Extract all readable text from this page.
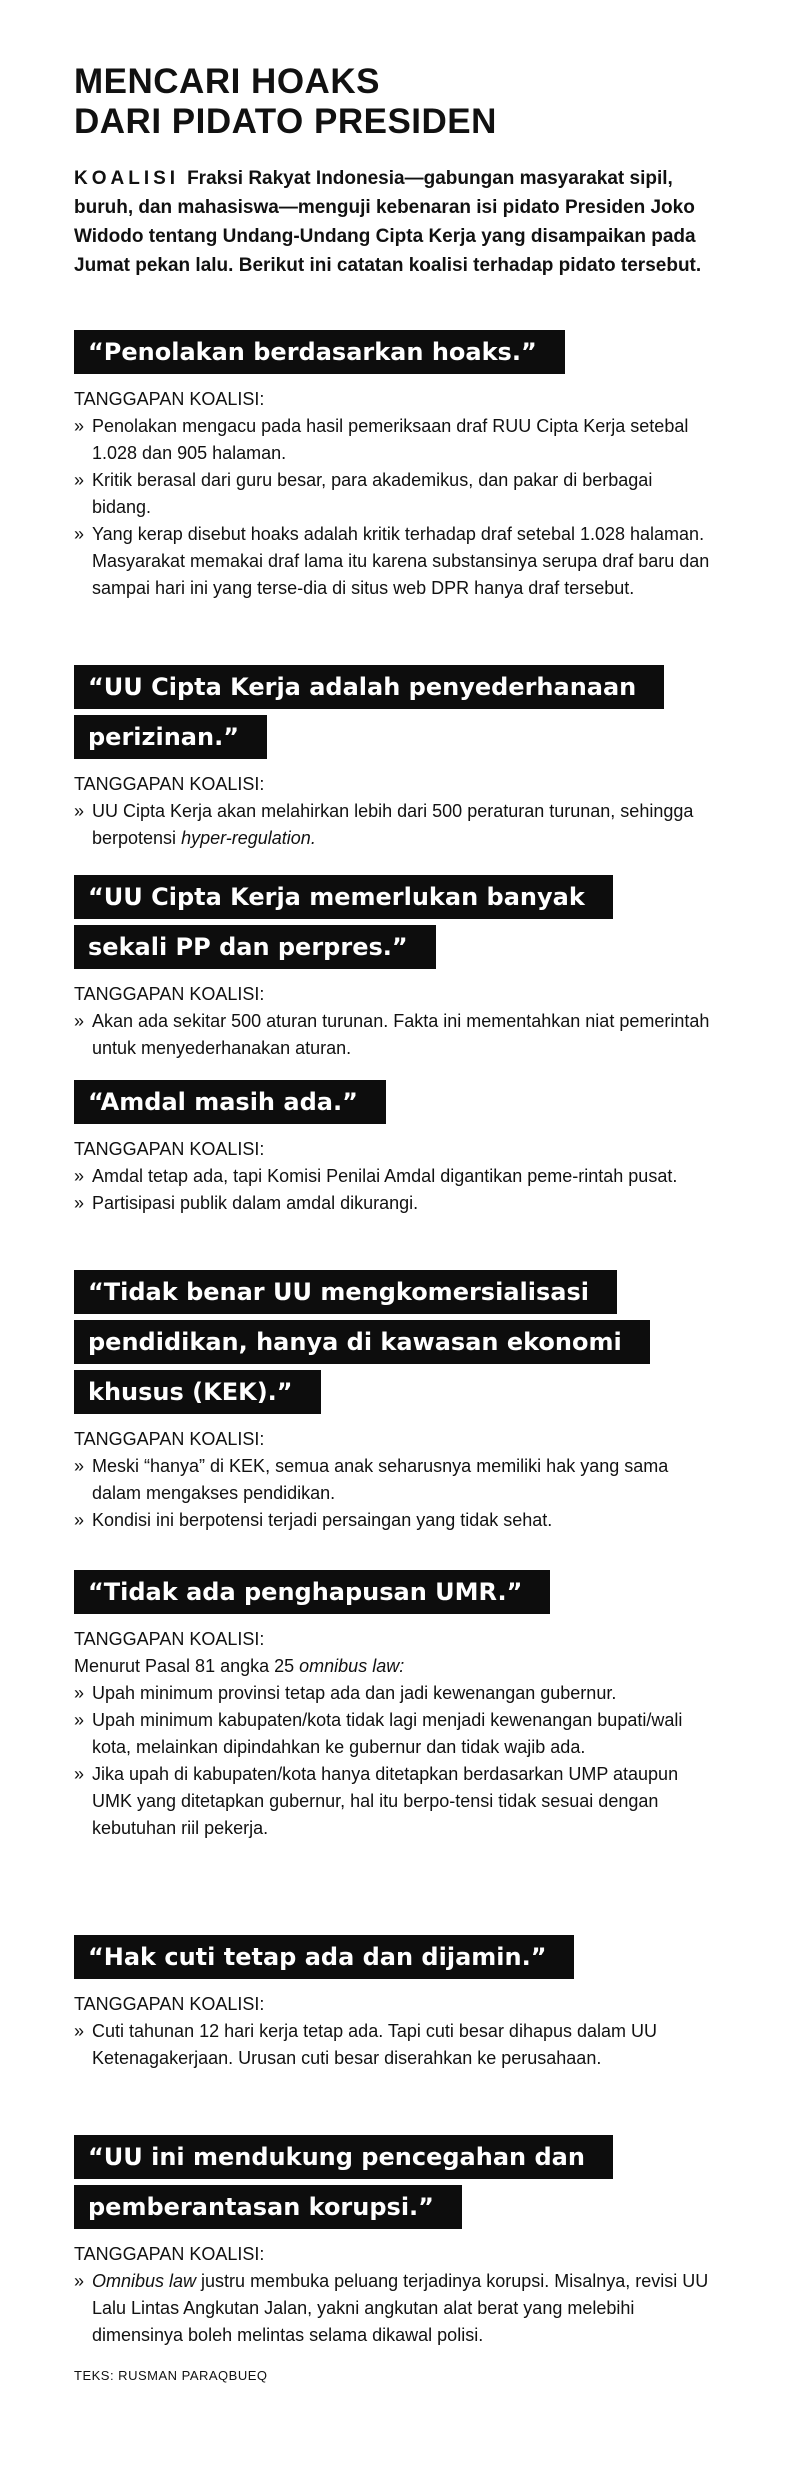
MENCARI HOAKS
DARI PIDATO PRESIDEN
KOALISI Fraksi Rakyat Indonesia—gabungan masyarakat sipil, buruh, dan mahasiswa—menguji kebenaran isi pidato Presiden Joko Widodo tentang Undang-Undang Cipta Kerja yang disampaikan pada Jumat pekan lalu. Berikut ini catatan koalisi terhadap pidato tersebut.
“Penolakan berdasarkan hoaks.”
TANGGAPAN KOALISI:
» Penolakan mengacu pada hasil pemeriksaan draf RUU Cipta Kerja setebal 1.028 dan 905 halaman.
» Kritik berasal dari guru besar, para akademikus, dan pakar di berbagai bidang.
» Yang kerap disebut hoaks adalah kritik terhadap draf setebal 1.028 halaman. Masyarakat memakai draf lama itu karena substansinya serupa draf baru dan sampai hari ini yang terse-dia di situs web DPR hanya draf tersebut.
“UU Cipta Kerja adalah penyederhanaan
perizinan.”
TANGGAPAN KOALISI:
» UU Cipta Kerja akan melahirkan lebih dari 500 peraturan turunan, sehingga berpotensi hyper-regulation.
“UU Cipta Kerja memerlukan banyak
sekali PP dan perpres.”
TANGGAPAN KOALISI:
» Akan ada sekitar 500 aturan turunan. Fakta ini mementahkan niat pemerintah untuk menyederhanakan aturan.
“Amdal masih ada.”
TANGGAPAN KOALISI:
» Amdal tetap ada, tapi Komisi Penilai Amdal digantikan peme-rintah pusat.
» Partisipasi publik dalam amdal dikurangi.
“Tidak benar UU mengkomersialisasi
pendidikan, hanya di kawasan ekonomi
khusus (KEK).”
TANGGAPAN KOALISI:
» Meski “hanya” di KEK, semua anak seharusnya memiliki hak yang sama dalam mengakses pendidikan.
» Kondisi ini berpotensi terjadi persaingan yang tidak sehat.
“Tidak ada penghapusan UMR.”
TANGGAPAN KOALISI:
Menurut Pasal 81 angka 25 omnibus law:
» Upah minimum provinsi tetap ada dan jadi kewenangan gubernur.
» Upah minimum kabupaten/kota tidak lagi menjadi kewenangan bupati/wali kota, melainkan dipindahkan ke gubernur dan tidak wajib ada.
» Jika upah di kabupaten/kota hanya ditetapkan berdasarkan UMP ataupun UMK yang ditetapkan gubernur, hal itu berpo-tensi tidak sesuai dengan kebutuhan riil pekerja.
“Hak cuti tetap ada dan dijamin.”
TANGGAPAN KOALISI:
» Cuti tahunan 12 hari kerja tetap ada. Tapi cuti besar dihapus dalam UU Ketenagakerjaan. Urusan cuti besar diserahkan ke perusahaan.
“UU ini mendukung pencegahan dan
pemberantasan korupsi.”
TANGGAPAN KOALISI:
» Omnibus law justru membuka peluang terjadinya korupsi. Misalnya, revisi UU Lalu Lintas Angkutan Jalan, yakni angkutan alat berat yang melebihi dimensinya boleh melintas selama dikawal polisi.
TEKS: RUSMAN PARAQBUEQ
